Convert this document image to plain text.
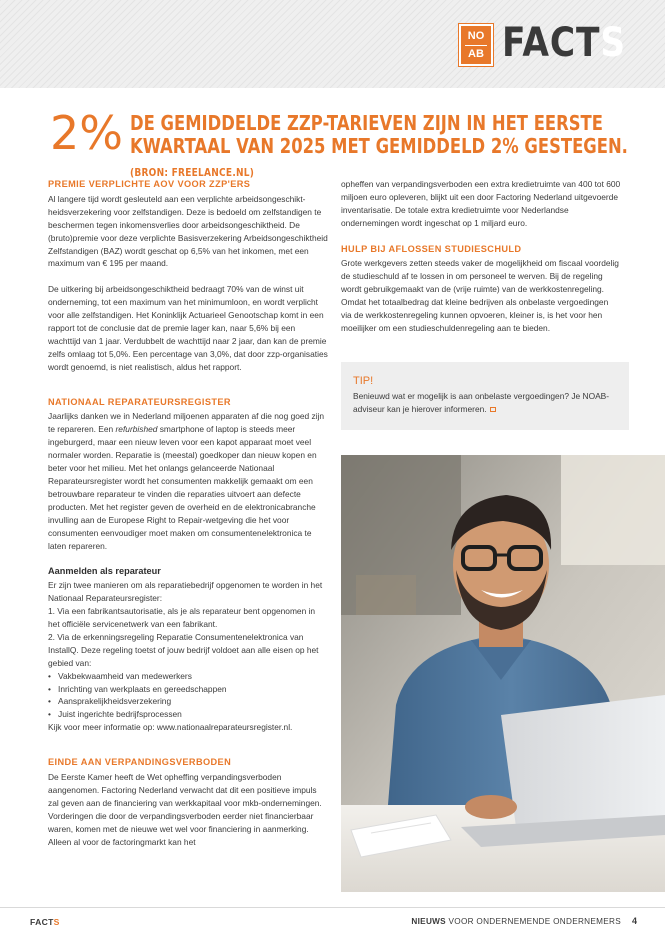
NO
AB FACTS
2% DE GEMIDDELDE ZZP-TARIEVEN ZIJN IN HET EERSTE KWARTAAL VAN 2025 MET GEMIDDELD 2% GESTEGEN.(BRON: FREELANCE.NL)
PREMIE VERPLICHTE AOV VOOR ZZP'ERS

Al langere tijd wordt gesleuteld aan een verplichte arbeidsongeschikt-heidsverzekering voor zelfstandigen. Deze is bedoeld om zelfstandigen te beschermen tegen inkomensverlies door arbeidsongeschiktheid. De (bruto)premie voor deze verplichte Basisverzekering Arbeidsongeschiktheid Zelfstandigen (BAZ) wordt geschat op 6,5% van het inkomen, met een maximum van € 195 per maand.

De uitkering bij arbeidsongeschiktheid bedraagt 70% van de winst uit onderneming, tot een maximum van het minimumloon, en wordt verplicht voor alle zelfstandigen. Het Koninklijk Actuarieel Genootschap komt in een rapport tot de conclusie dat de premie lager kan, naar 5,6% bij een wachttijd van 1 jaar. Verdubbelt de wachttijd naar 2 jaar, dan kan de premie zelfs omlaag tot 5,0%. Een percentage van 3,0%, dat door zzp-organisaties wordt genoemd, is niet realistisch, aldus het rapport.

NATIONAAL REPARATEURSREGISTER

Jaarlijks danken we in Nederland miljoenen apparaten af die nog goed zijn te repareren. Een refurbished smartphone of laptop is steeds meer ingeburgerd, maar een nieuw leven voor een kapot apparaat moet veel normaler worden. Reparatie is (meestal) goedkoper dan nieuw kopen en beter voor het milieu. Met het onlangs gelanceerde Nationaal Reparateursregister wordt het consumenten makkelijk gemaakt om een betrouwbare reparateur te vinden die reparaties uitvoert aan defecte producten. Met het register geven de overheid en de elektronicabranche invulling aan de Europese Right to Repair-wetgeving die het voor consumenten eenvoudiger moet maken om consumentenelektronica te laten repareren.

Aanmelden als reparateur

Er zijn twee manieren om als reparatiebedrijf opgenomen te worden in het Nationaal Reparateursregister:

1. Via een fabrikantsautorisatie, als je als reparateur bent opgenomen in het officiële servicenetwerk van een fabrikant.

2. Via de erkenningsregeling Reparatie Consumentenelektronica van InstallQ. Deze regeling toetst of jouw bedrijf voldoet aan alle eisen op het gebied van:

• Vakbekwaamheid van medewerkers
• Inrichting van werkplaats en gereedschappen
• Aansprakelijkheidsverzekering
• Juist ingerichte bedrijfsprocessen

Kijk voor meer informatie op: www.nationaalreparateursregister.nl.

EINDE AAN VERPANDINGSVERBODEN

De Eerste Kamer heeft de Wet opheffing verpandingsverboden aangenomen. Factoring Nederland verwacht dat dit een positieve impuls zal geven aan de financiering van werkkapitaal voor mkb-ondernemingen. Vorderingen die door de verpandingsverboden eerder niet financierbaar waren, komen met de nieuwe wet wel voor financiering in aanmerking. Alleen al voor de factoringmarkt kan het

opheffen van verpandingsverboden een extra kredietruimte van 400 tot 600 miljoen euro opleveren, blijkt uit een door Factoring Nederland uitgevoerde inventarisatie. De totale extra kredietruimte voor Nederlandse ondernemingen wordt ingeschat op 1 miljard euro.

HULP BIJ AFLOSSEN STUDIESCHULD

Grote werkgevers zetten steeds vaker de mogelijkheid om fiscaal voordelig de studieschuld af te lossen in om personeel te werven. Bij de regeling wordt gebruikgemaakt van de (vrije ruimte) van de werkkostenregeling. Omdat het totaalbedrag dat kleine bedrijven als onbelaste vergoedingen via de werkkostenregeling kunnen opvoeren, kleiner is, is het voor hen moeilijker om een studieschuldenregeling aan te bieden.

TIP!
Benieuwd wat er mogelijk is aan onbelaste vergoedingen? Je NOAB-adviseur kan je hierover informeren.
FACTS	NIEUWS VOOR ONDERNEMENDE ONDERNEMERS 4
